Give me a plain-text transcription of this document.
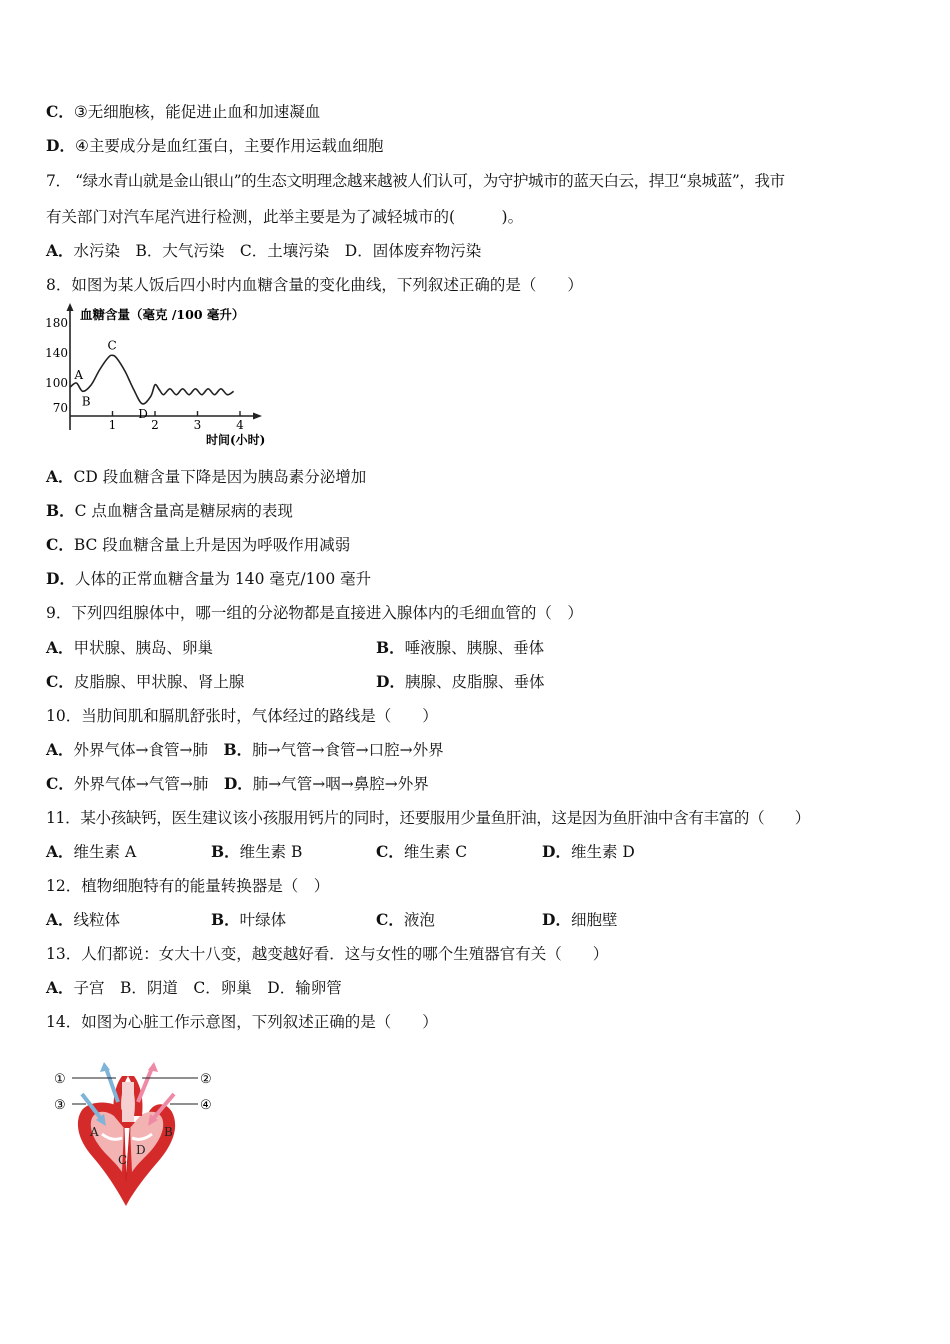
C．③无细胞核，能促进止血和加速凝血
D．④主要成分是血红蛋白，主要作用运载血细胞
7． “绿水青山就是金山银山”的生态文明理念越来越被人们认可，为守护城市的蓝天白云，捍卫“泉城蓝”，我市
有关部门对汽车尾汽进行检测，此举主要是为了减轻城市的(　　　)。
A．水污染　B．大气污染　C．土壤污染　D．固体废弃物污染
8．如图为某人饭后四小时内血糖含量的变化曲线，下列叙述正确的是（　　）
血糖含量（毫克 /100 毫升）
时间(小时)
70
100
140
180
1	2	3	4
A
B
C
D
A．CD 段血糖含量下降是因为胰岛素分泌增加
B．C 点血糖含量高是糖尿病的表现
C．BC 段血糖含量上升是因为呼吸作用减弱
D．人体的正常血糖含量为 140 毫克/100 毫升
9．下列四组腺体中，哪一组的分泌物都是直接进入腺体内的毛细血管的（　）
A．甲状腺、胰岛、卵巢	B．唾液腺、胰腺、垂体
C．皮脂腺、甲状腺、肾上腺	D．胰腺、皮脂腺、垂体
10．当肋间肌和膈肌舒张时，气体经过的路线是（　　）
A．外界气体→食管→肺　B．肺→气管→食管→口腔→外界
C．外界气体→气管→肺　D．肺→气管→咽→鼻腔→外界
11．某小孩缺钙，医生建议该小孩服用钙片的同时，还要服用少量鱼肝油，这是因为鱼肝油中含有丰富的（　　）
A．维生素 A	B．维生素 B	C．维生素 C	D．维生素 D
12．植物细胞特有的能量转换器是（　）
A．线粒体	B．叶绿体	C．液泡	D．细胞壁
13．人们都说：女大十八变，越变越好看．这与女性的哪个生殖器官有关（　　）
A．子宫　B．阴道　C．卵巢　D．输卵管
14．如图为心脏工作示意图，下列叙述正确的是（　　）
①	②
③	④
A	B
C
D
